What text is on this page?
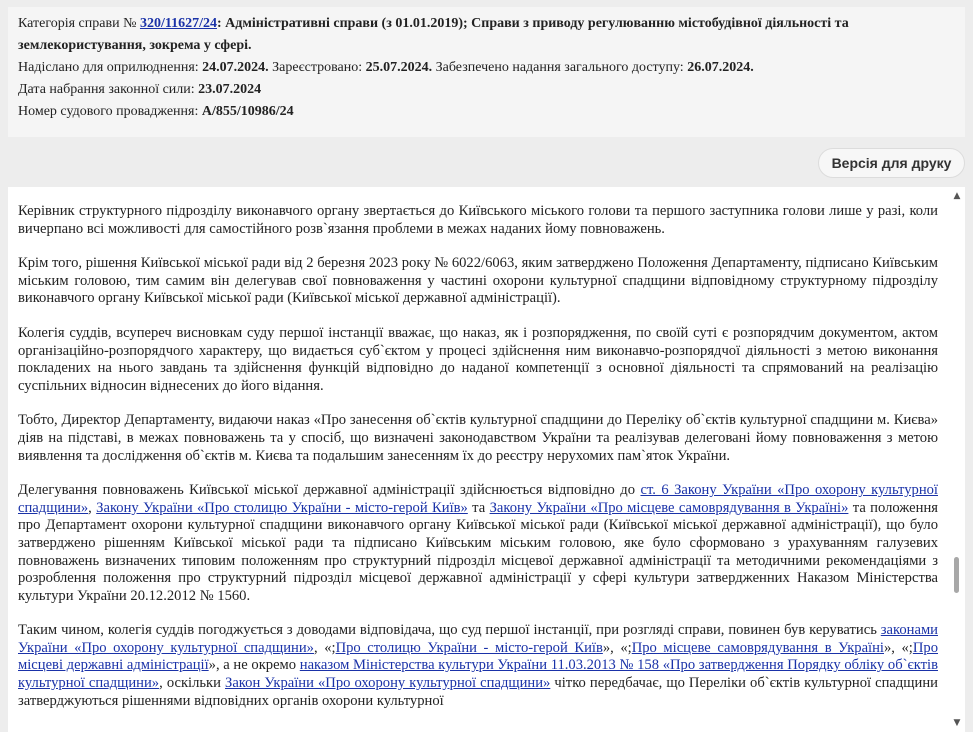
Категорія справи № 320/11627/24: Адміністративні справи (з 01.01.2019); Справи з приводу регулюванню містобудівної діяльності та
землекористування, зокрема у сфері.
Надіслано для оприлюднення: 24.07.2024. Зареєстровано: 25.07.2024. Забезпечено надання загального доступу: 26.07.2024.
Дата набрання законної сили: 23.07.2024
Номер судового провадження: А/855/10986/24
Версія для друку

Керівник структурного підрозділу виконавчого органу звертається до Київського міського голови та першого заступника голови лише у разі, коли вичерпано всі можливості для самостійного розв`язання проблеми в межах наданих йому повноважень.

Крім того, рішення Київської міської ради від 2 березня 2023 року № 6022/6063, яким затверджено Положення Департаменту, підписано Київським міським головою, тим самим він делегував свої повноваження у частині охорони культурної спадщини відповідному структурному підрозділу виконавчого органу Київської міської ради (Київської міської державної адміністрації).

Колегія суддів, всупереч висновкам суду першої інстанції вважає, що наказ, як і розпорядження, по своїй суті є розпорядчим документом, актом організаційно-розпорядчого характеру, що видається суб`єктом у процесі здійснення ним виконавчо-розпорядчої діяльності з метою виконання покладених на нього завдань та здійснення функцій відповідно до наданої компетенції з основної діяльності та спрямований на реалізацію суспільних відносин віднесених до його відання.

Тобто, Директор Департаменту, видаючи наказ «Про занесення об`єктів культурної спадщини до Переліку об`єктів культурної спадщини м. Києва» діяв на підставі, в межах повноважень та у спосіб, що визначені законодавством України та реалізував делеговані йому повноваження з метою виявлення та дослідження об`єктів м. Києва та подальшим занесенням їх до реєстру нерухомих пам`яток України.

Делегування повноважень Київської міської державної адміністрації здійснюється відповідно до ст. 6 Закону України «Про охорону культурної спадщини», Закону України «Про столицю України - місто-герой Київ» та Закону України «Про місцеве самоврядування в Україні» та положення про Департамент охорони культурної спадщини виконавчого органу Київської міської ради (Київської міської державної адміністрації), що було затверджено рішенням Київської міської ради та підписано Київським міським головою, яке було сформовано з урахуванням галузевих повноважень визначених типовим положенням про структурний підрозділ місцевої державної адміністрації та методичними рекомендаціями з розроблення положення про структурний підрозділ місцевої державної адміністрації у сфері культури затвердженних Наказом Міністерства культури України 20.12.2012 № 1560.

Таким чином, колегія суддів погоджується з доводами відповідача, що суд першої інстанції, при розгляді справи, повинен був керуватись законами України «Про охорону культурної спадщини», «;Про столицю України - місто-герой Київ», «;Про місцеве самоврядування в Україні», «;Про місцеві державні адміністрації», а не окремо наказом Міністерства культури України 11.03.2013 № 158 «Про затвердження Порядку обліку об`єктів культурної спадщини», оскільки Закон України «Про охорону культурної спадщини» чітко передбачає, що Переліки об`єктів культурної спадщини затверджуються рішеннями відповідних органів охорони культурної

▲
▼
